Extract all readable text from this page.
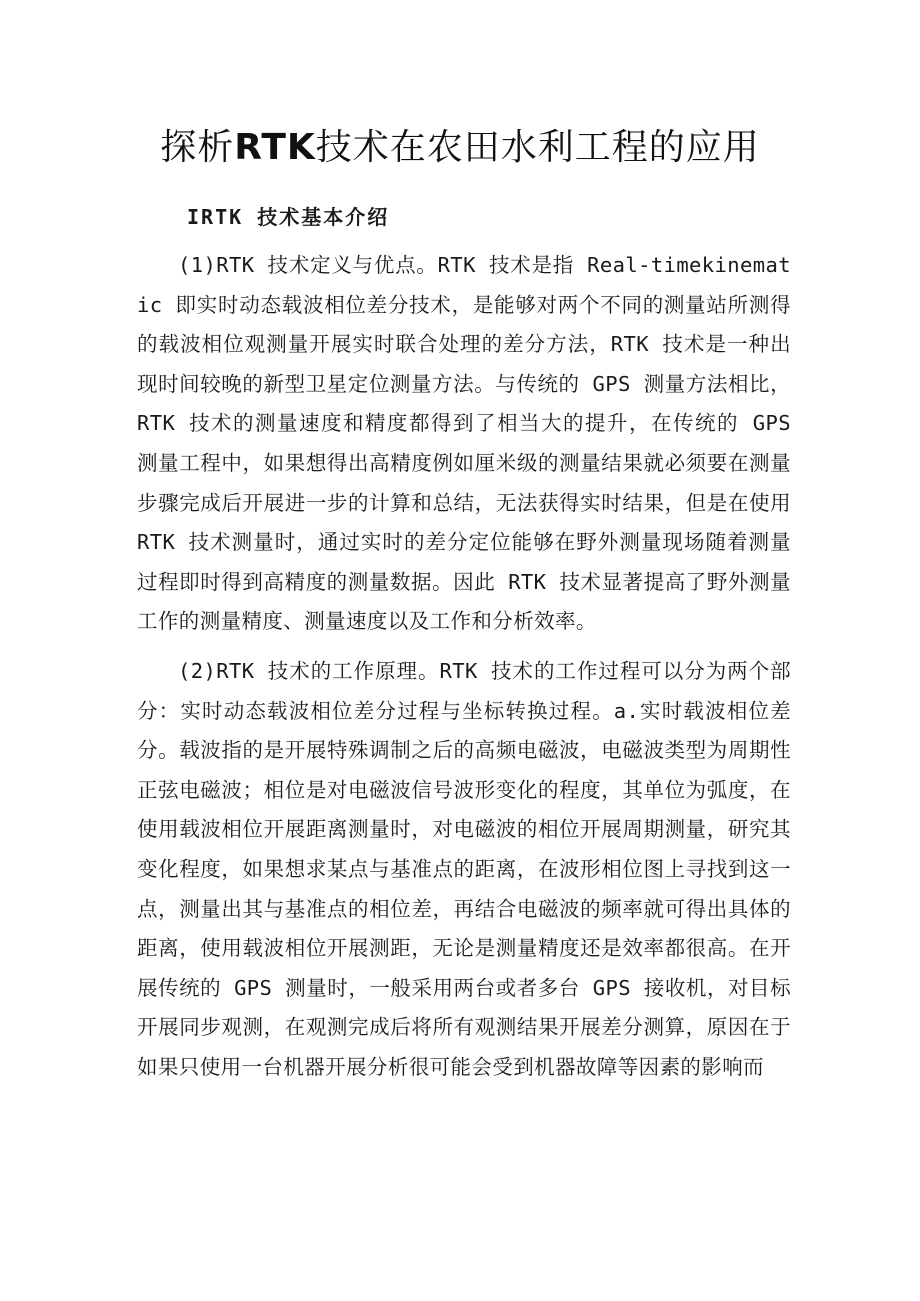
探析RTK技术在农田水利工程的应用
IRTK 技术基本介绍

(1)RTK 技术定义与优点。RTK 技术是指 Real-timekinematic 即实时动态载波相位差分技术，是能够对两个不同的测量站所测得的载波相位观测量开展实时联合处理的差分方法，RTK 技术是一种出现时间较晚的新型卫星定位测量方法。与传统的 GPS 测量方法相比，RTK 技术的测量速度和精度都得到了相当大的提升，在传统的 GPS 测量工程中，如果想得出高精度例如厘米级的测量结果就必须要在测量步骤完成后开展进一步的计算和总结，无法获得实时结果，但是在使用 RTK 技术测量时，通过实时的差分定位能够在野外测量现场随着测量过程即时得到高精度的测量数据。因此 RTK 技术显著提高了野外测量工作的测量精度、测量速度以及工作和分析效率。

(2)RTK 技术的工作原理。RTK 技术的工作过程可以分为两个部分：实时动态载波相位差分过程与坐标转换过程。a.实时载波相位差分。载波指的是开展特殊调制之后的高频电磁波，电磁波类型为周期性正弦电磁波；相位是对电磁波信号波形变化的程度，其单位为弧度，在使用载波相位开展距离测量时，对电磁波的相位开展周期测量，研究其变化程度，如果想求某点与基准点的距离，在波形相位图上寻找到这一点，测量出其与基准点的相位差，再结合电磁波的频率就可得出具体的距离，使用载波相位开展测距，无论是测量精度还是效率都很高。在开展传统的 GPS 测量时，一般采用两台或者多台 GPS 接收机，对目标开展同步观测，在观测完成后将所有观测结果开展差分测算，原因在于如果只使用一台机器开展分析很可能会受到机器故障等因素的影响而
